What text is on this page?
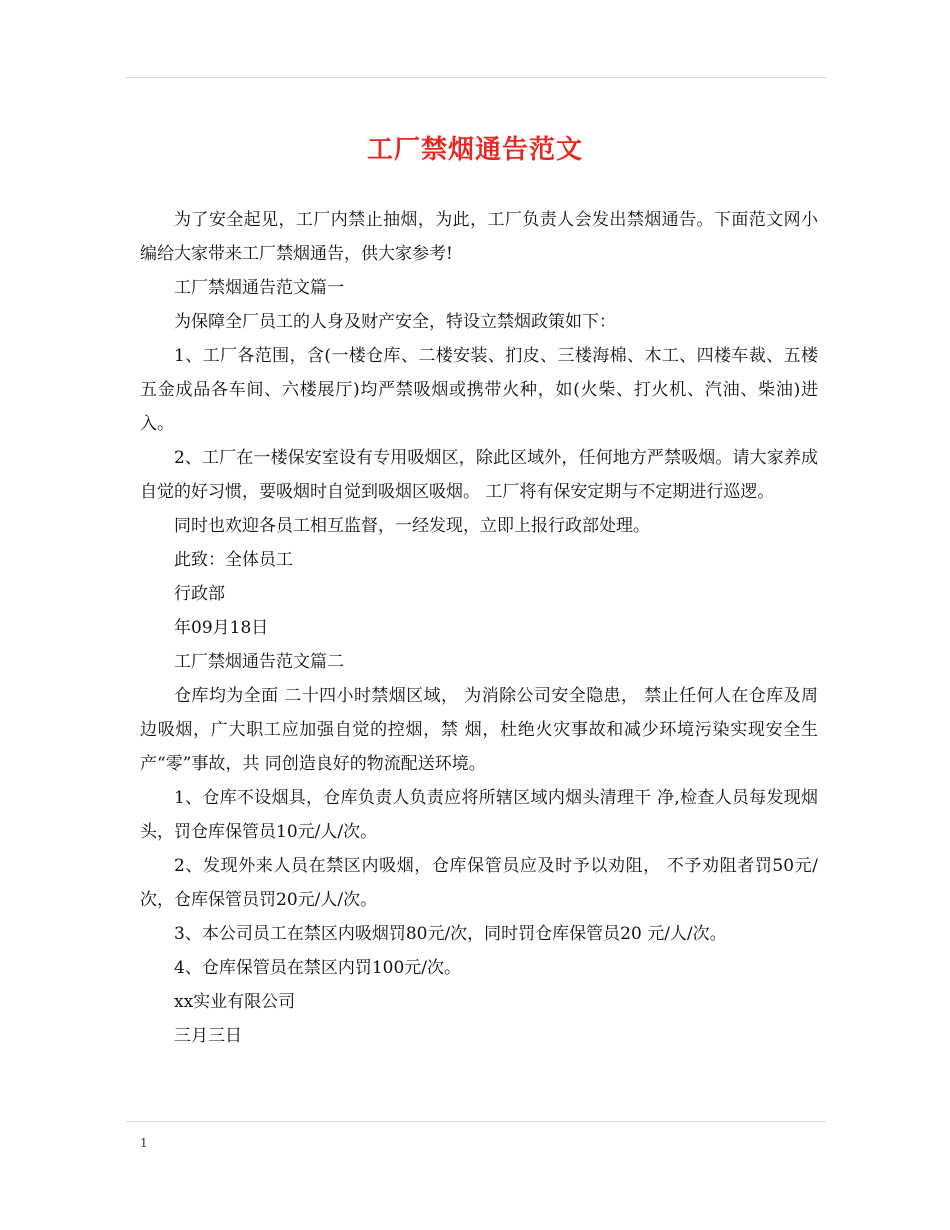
工厂禁烟通告范文

为了安全起见，工厂内禁止抽烟，为此，工厂负责人会发出禁烟通告。下面范文网小编给大家带来工厂禁烟通告，供大家参考!

工厂禁烟通告范文篇一

为保障全厂员工的人身及财产安全，特设立禁烟政策如下：

1、工厂各范围，含(一楼仓库、二楼安装、扪皮、三楼海棉、木工、四楼车裁、五楼五金成品各车间、六楼展厅)均严禁吸烟或携带火种，如(火柴、打火机、汽油、柴油)进入。

2、工厂在一楼保安室设有专用吸烟区，除此区域外，任何地方严禁吸烟。请大家养成自觉的好习惯，要吸烟时自觉到吸烟区吸烟。 工厂将有保安定期与不定期进行巡逻。

同时也欢迎各员工相互监督，一经发现，立即上报行政部处理。

此致：全体员工

行政部

年09月18日

工厂禁烟通告范文篇二

仓库均为全面 二十四小时禁烟区域， 为消除公司安全隐患， 禁止任何人在仓库及周边吸烟，广大职工应加强自觉的控烟，禁 烟，杜绝火灾事故和减少环境污染实现安全生产“零”事故，共 同创造良好的物流配送环境。

1、仓库不设烟具，仓库负责人负责应将所辖区域内烟头清理干 净,检查人员每发现烟头，罚仓库保管员10元/人/次。

2、发现外来人员在禁区内吸烟，仓库保管员应及时予以劝阻， 不予劝阻者罚50元/次，仓库保管员罚20元/人/次。

3、本公司员工在禁区内吸烟罚80元/次，同时罚仓库保管员20 元/人/次。

4、仓库保管员在禁区内罚100元/次。

xx实业有限公司

三月三日

1
